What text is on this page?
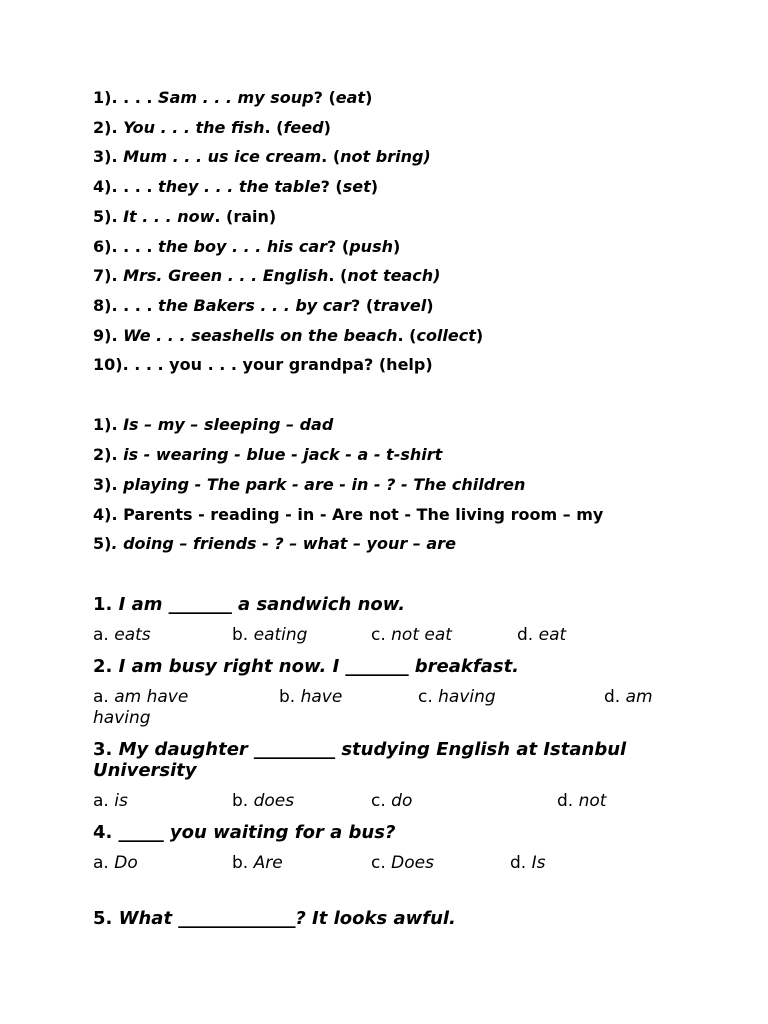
1). . . . Sam . . . my soup? (eat)
2). You . . . the fish. (feed)
3). Mum . . . us ice cream. (not bring)
4). . . . they . . . the table? (set)
5). It . . . now. (rain)
6). . . . the boy . . . his car? (push)
7). Mrs. Green . . . English. (not teach)
8). . . . the Bakers . . . by car? (travel)
9). We . . . seashells on the beach. (collect)
10). . . . you . . . your grandpa? (help)
1). Is – my – sleeping – dad
2). is - wearing - blue - jack - a - t-shirt
3). playing - The park - are - in - ? - The children
4). Parents - reading - in - Are not - The living room – my
5). doing – friends - ? – what – your – are
1. I am _______ a sandwich now.
a. eats	b. eating	c. not eat	d. eat
2. I am busy right now. I _______ breakfast.
a. am have	b. have	c. having	d. am
having
3. My daughter _________ studying English at Istanbul
University
a. is	b. does	c. do	d. not
4. _____ you waiting for a bus?
a. Do	b. Are	c. Does	d. Is
5. What _____________? It looks awful.
